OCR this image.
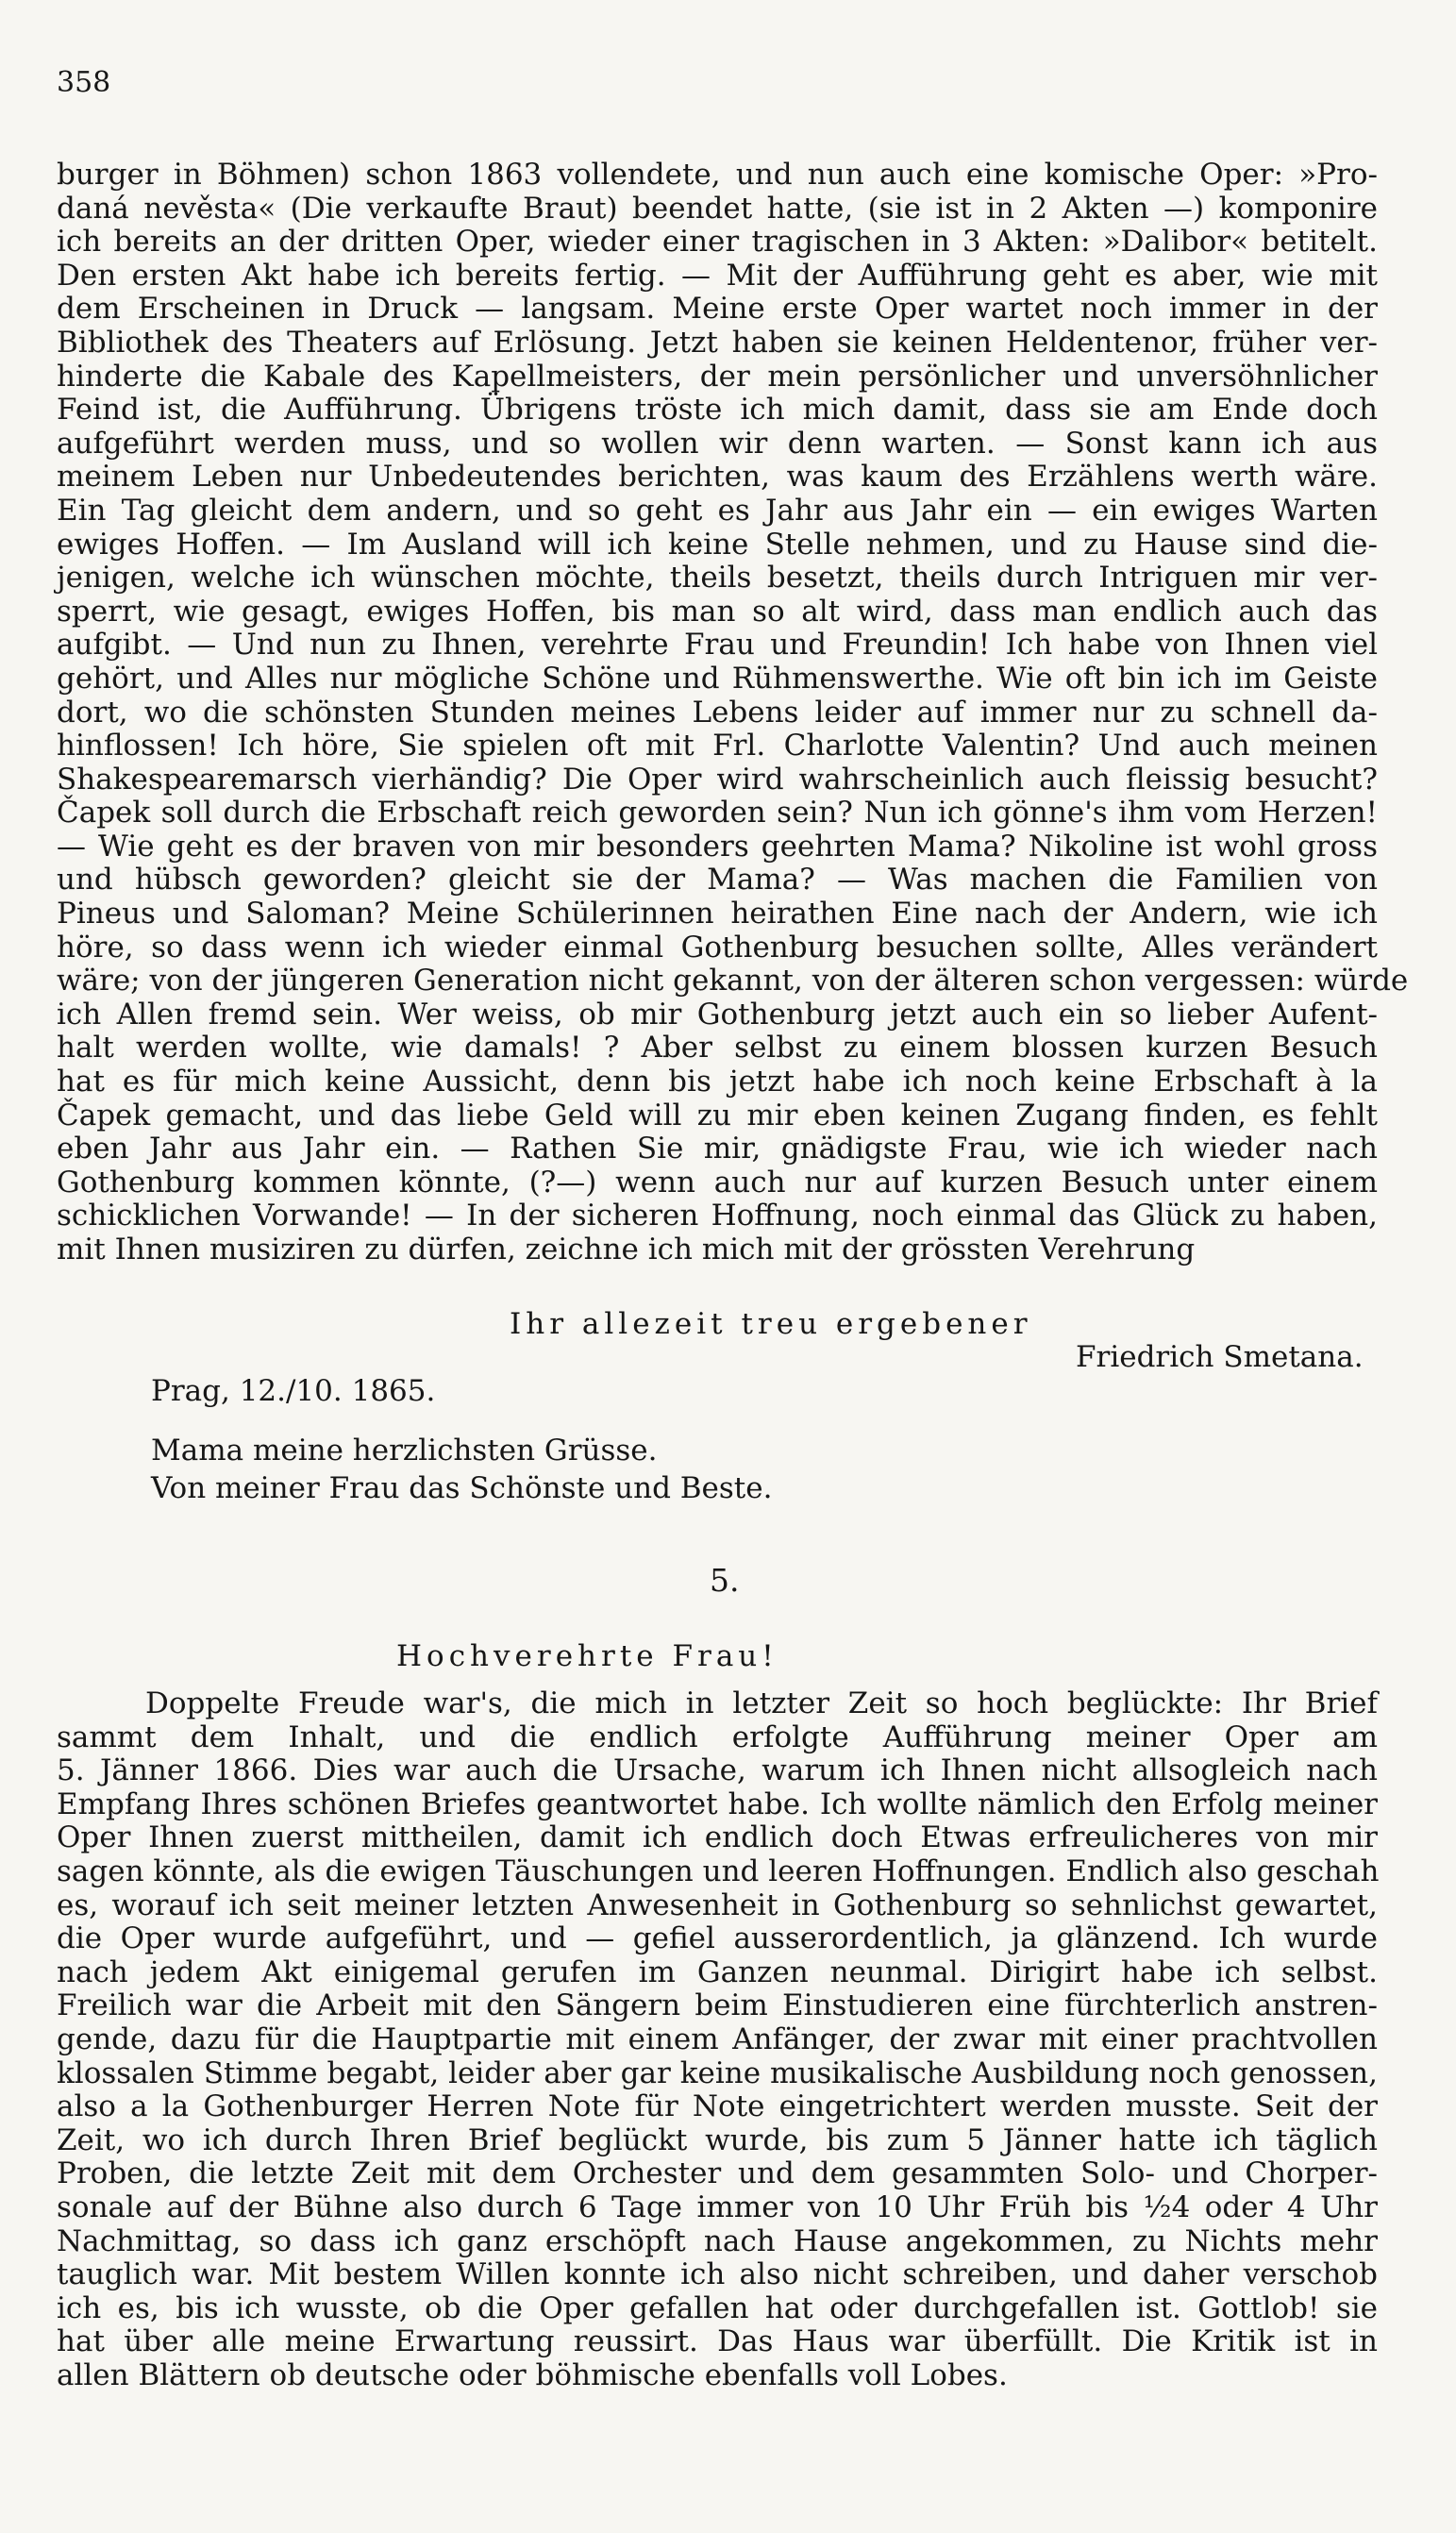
358
burger in Böhmen) schon 1863 vollendete, und nun auch eine komische Oper: »Pro-
daná nevěsta« (Die verkaufte Braut) beendet hatte, (sie ist in 2 Akten —) komponire
ich bereits an der dritten Oper, wieder einer tragischen in 3 Akten: »Dalibor« betitelt.
Den ersten Akt habe ich bereits fertig. — Mit der Aufführung geht es aber, wie mit
dem Erscheinen in Druck — langsam. Meine erste Oper wartet noch immer in der
Bibliothek des Theaters auf Erlösung. Jetzt haben sie keinen Heldentenor, früher ver-
hinderte die Kabale des Kapellmeisters, der mein persönlicher und unversöhnlicher
Feind ist, die Aufführung. Übrigens tröste ich mich damit, dass sie am Ende doch
aufgeführt werden muss, und so wollen wir denn warten. — Sonst kann ich aus
meinem Leben nur Unbedeutendes berichten, was kaum des Erzählens werth wäre.
Ein Tag gleicht dem andern, und so geht es Jahr aus Jahr ein — ein ewiges Warten
ewiges Hoffen. — Im Ausland will ich keine Stelle nehmen, und zu Hause sind die-
jenigen, welche ich wünschen möchte, theils besetzt, theils durch Intriguen mir ver-
sperrt, wie gesagt, ewiges Hoffen, bis man so alt wird, dass man endlich auch das
aufgibt. — Und nun zu Ihnen, verehrte Frau und Freundin! Ich habe von Ihnen viel
gehört, und Alles nur mögliche Schöne und Rühmenswerthe. Wie oft bin ich im Geiste
dort, wo die schönsten Stunden meines Lebens leider auf immer nur zu schnell da-
hinflossen! Ich höre, Sie spielen oft mit Frl. Charlotte Valentin? Und auch meinen
Shakespearemarsch vierhändig? Die Oper wird wahrscheinlich auch fleissig besucht?
Čapek soll durch die Erbschaft reich geworden sein? Nun ich gönne's ihm vom Herzen!
— Wie geht es der braven von mir besonders geehrten Mama? Nikoline ist wohl gross
und hübsch geworden? gleicht sie der Mama? — Was machen die Familien von
Pineus und Saloman? Meine Schülerinnen heirathen Eine nach der Andern, wie ich
höre, so dass wenn ich wieder einmal Gothenburg besuchen sollte, Alles verändert
wäre; von der jüngeren Generation nicht gekannt, von der älteren schon vergessen: würde
ich Allen fremd sein. Wer weiss, ob mir Gothenburg jetzt auch ein so lieber Aufent-
halt werden wollte, wie damals! ? Aber selbst zu einem blossen kurzen Besuch
hat es für mich keine Aussicht, denn bis jetzt habe ich noch keine Erbschaft à la
Čapek gemacht, und das liebe Geld will zu mir eben keinen Zugang finden, es fehlt
eben Jahr aus Jahr ein. — Rathen Sie mir, gnädigste Frau, wie ich wieder nach
Gothenburg kommen könnte, (?—) wenn auch nur auf kurzen Besuch unter einem
schicklichen Vorwande! — In der sicheren Hoffnung, noch einmal das Glück zu haben,
mit Ihnen musiziren zu dürfen, zeichne ich mich mit der grössten Verehrung
Ihr allezeit treu ergebener
Friedrich Smetana.
Prag, 12./10. 1865.
Mama meine herzlichsten Grüsse.
Von meiner Frau das Schönste und Beste.
5.
Hochverehrte Frau!
Doppelte Freude war's, die mich in letzter Zeit so hoch beglückte: Ihr Brief
sammt dem Inhalt, und die endlich erfolgte Aufführung meiner Oper am
5. Jänner 1866. Dies war auch die Ursache, warum ich Ihnen nicht allsogleich nach
Empfang Ihres schönen Briefes geantwortet habe. Ich wollte nämlich den Erfolg meiner
Oper Ihnen zuerst mittheilen, damit ich endlich doch Etwas erfreulicheres von mir
sagen könnte, als die ewigen Täuschungen und leeren Hoffnungen. Endlich also geschah
es, worauf ich seit meiner letzten Anwesenheit in Gothenburg so sehnlichst gewartet,
die Oper wurde aufgeführt, und — gefiel ausserordentlich, ja glänzend. Ich wurde
nach jedem Akt einigemal gerufen im Ganzen neunmal. Dirigirt habe ich selbst.
Freilich war die Arbeit mit den Sängern beim Einstudieren eine fürchterlich anstren-
gende, dazu für die Hauptpartie mit einem Anfänger, der zwar mit einer prachtvollen
klossalen Stimme begabt, leider aber gar keine musikalische Ausbildung noch genossen,
also a la Gothenburger Herren Note für Note eingetrichtert werden musste. Seit der
Zeit, wo ich durch Ihren Brief beglückt wurde, bis zum 5 Jänner hatte ich täglich
Proben, die letzte Zeit mit dem Orchester und dem gesammten Solo- und Chorper-
sonale auf der Bühne also durch 6 Tage immer von 10 Uhr Früh bis ½4 oder 4 Uhr
Nachmittag, so dass ich ganz erschöpft nach Hause angekommen, zu Nichts mehr
tauglich war. Mit bestem Willen konnte ich also nicht schreiben, und daher verschob
ich es, bis ich wusste, ob die Oper gefallen hat oder durchgefallen ist. Gottlob! sie
hat über alle meine Erwartung reussirt. Das Haus war überfüllt. Die Kritik ist in
allen Blättern ob deutsche oder böhmische ebenfalls voll Lobes.
